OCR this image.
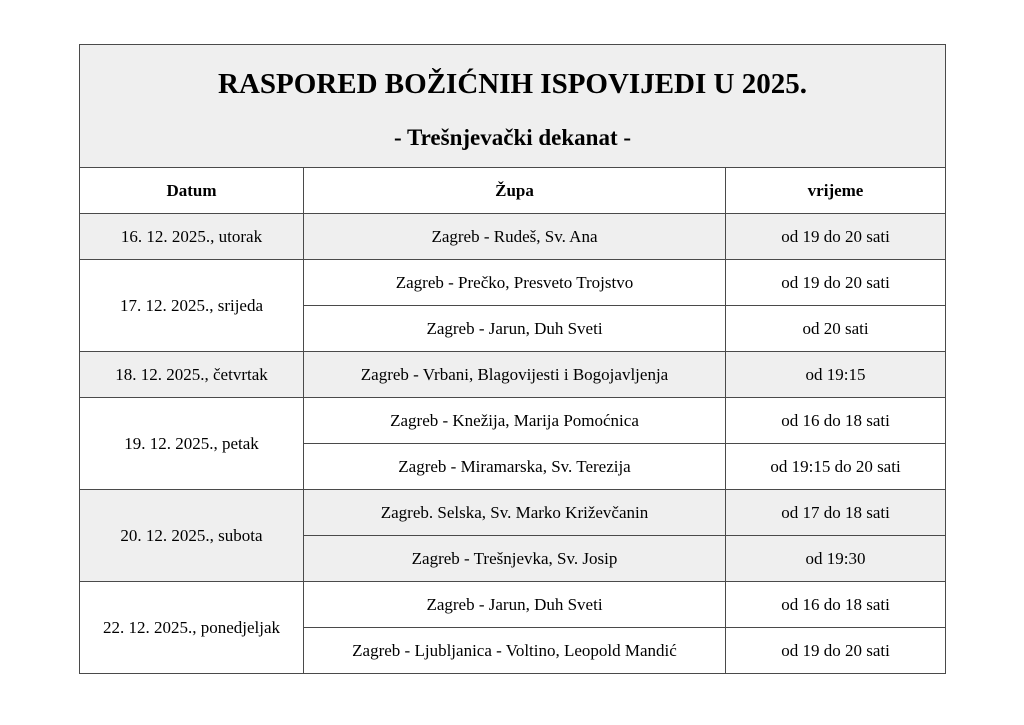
RASPORED BOŽIĆNIH ISPOVIJEDI U 2025.
- Trešnjevački dekanat -		

Datum	Župa	vrijeme
16. 12. 2025., utorak	Zagreb - Rudeš, Sv. Ana	od 19 do 20 sati
17. 12. 2025., srijeda	Zagreb - Prečko, Presveto Trojstvo	od 19 do 20 sati
	Zagreb - Jarun, Duh Sveti	od 20 sati
18. 12. 2025., četvrtak	Zagreb - Vrbani, Blagovijesti i Bogojavljenja	od 19:15
19. 12. 2025., petak	Zagreb - Knežija, Marija Pomoćnica	od 16 do 18 sati
	Zagreb - Miramarska, Sv. Terezija	od 19:15 do 20 sati
20. 12. 2025., subota	Zagreb. Selska, Sv. Marko Križevčanin	od 17 do 18 sati
	Zagreb - Trešnjevka, Sv. Josip	od 19:30
22. 12. 2025., ponedjeljak	Zagreb - Jarun, Duh Sveti	od 16 do 18 sati
	Zagreb - Ljubljanica - Voltino, Leopold Mandić	od 19 do 20 sati
